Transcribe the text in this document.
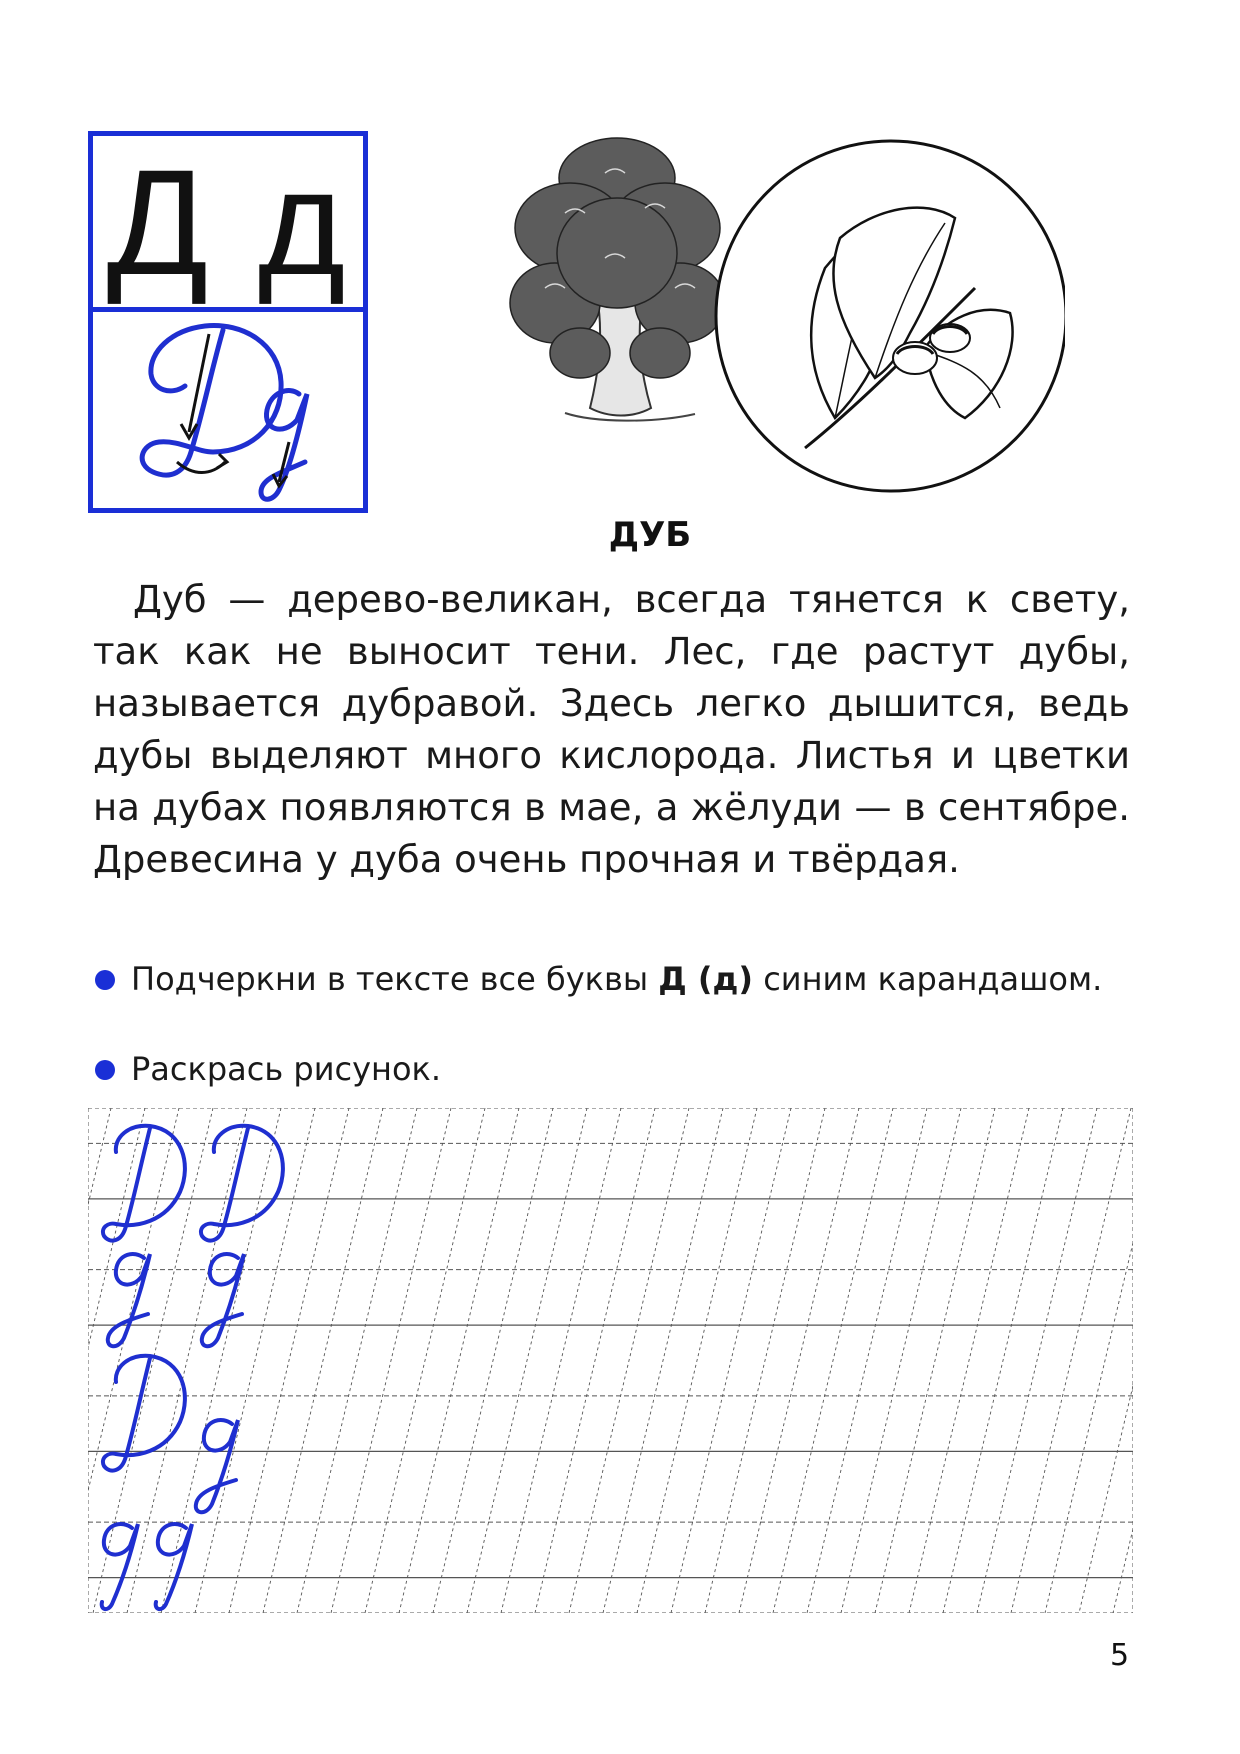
Д д
ДУБ

Дуб — дерево-великан, всегда тянется к свету, так как не выносит тени. Лес, где растут дубы, называется дубравой. Здесь легко дышится, ведь дубы выделяют много кислорода. Листья и цветки на дубах появляются в мае, а жёлуди — в сентябре. Древесина у дуба очень прочная и твёрдая.

Подчеркни в тексте все буквы Д (д) синим карандашом.
Раскрась рисунок.
5
